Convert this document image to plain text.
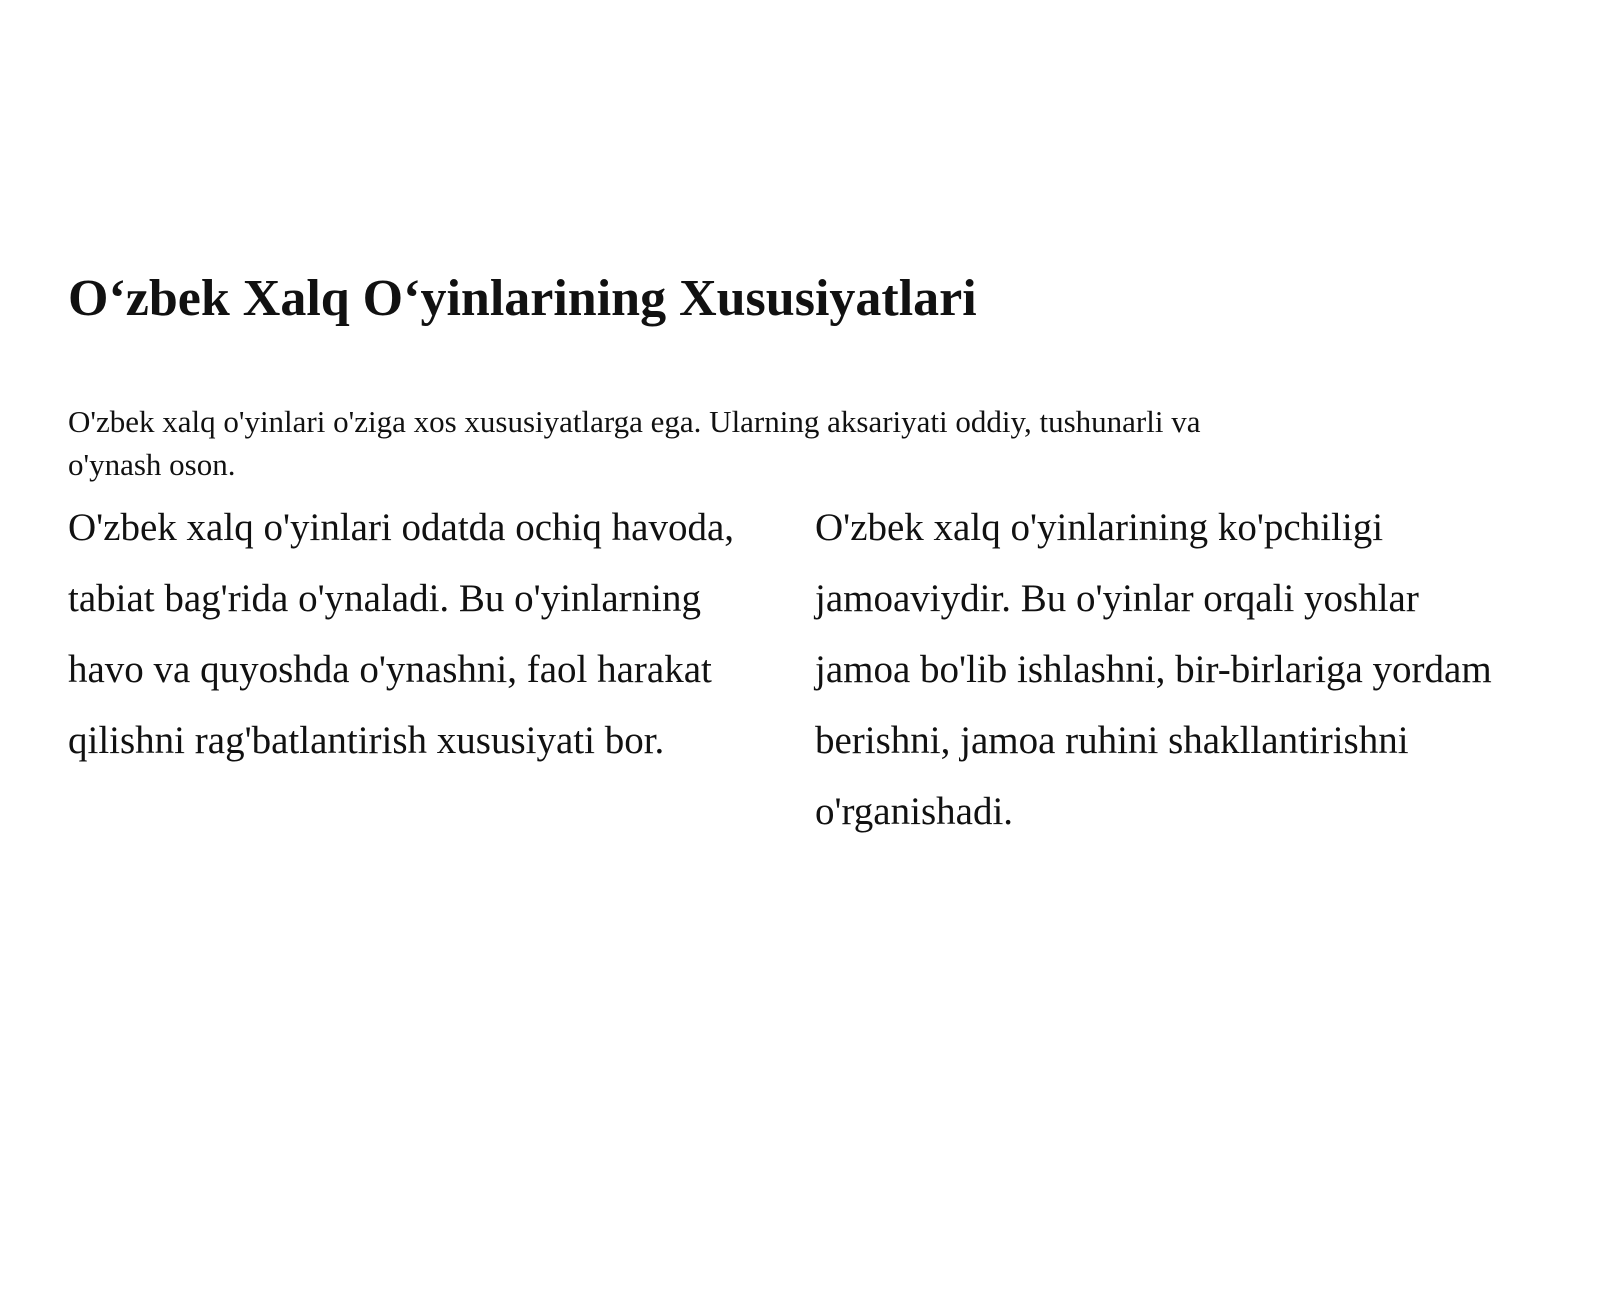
O‘zbek Xalq O‘yinlarining Xususiyatlari

O'zbek xalq o'yinlari o'ziga xos xususiyatlarga ega. Ularning aksariyati oddiy, tushunarli va o'ynash oson.

O'zbek xalq o'yinlari odatda ochiq havoda, tabiat bag'rida o'ynaladi. Bu o'yinlarning havo va quyoshda o'ynashni, faol harakat qilishni rag'batlantirish xususiyati bor.

O'zbek xalq o'yinlarining ko'pchiligi jamoaviydir. Bu o'yinlar orqali yoshlar jamoa bo'lib ishlashni, bir-birlariga yordam berishni, jamoa ruhini shakllantirishni o'rganishadi.
